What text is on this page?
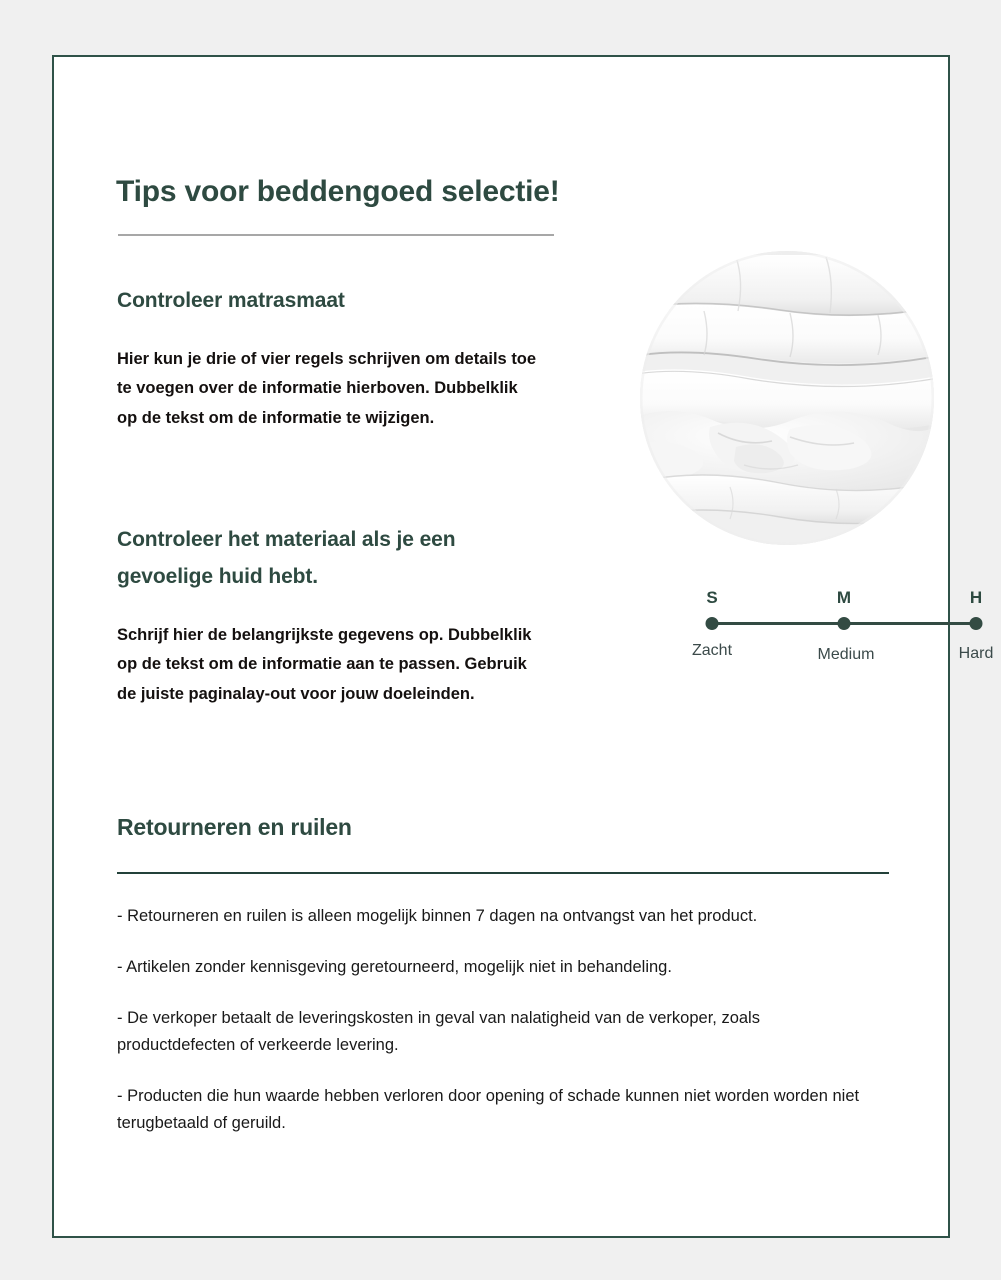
Tips voor beddengoed selectie!
Controleer matrasmaat
Hier kun je drie of vier regels schrijven om details toe te voegen over de informatie hierboven. Dubbelklik op de tekst om de informatie te wijzigen.
Controleer het materiaal als je een gevoelige huid hebt.
Schrijf hier de belangrijkste gegevens op. Dubbelklik op de tekst om de informatie aan te passen. Gebruik de juiste paginalay-out voor jouw doeleinden.
S	M	H
Zacht	Medium	Hard
Retourneren en ruilen
- Retourneren en ruilen is alleen mogelijk binnen 7 dagen na ontvangst van het product.
- Artikelen zonder kennisgeving geretourneerd, mogelijk niet in behandeling.
- De verkoper betaalt de leveringskosten in geval van nalatigheid van de verkoper, zoals productdefecten of verkeerde levering.
- Producten die hun waarde hebben verloren door opening of schade kunnen niet worden worden niet terugbetaald of geruild.
